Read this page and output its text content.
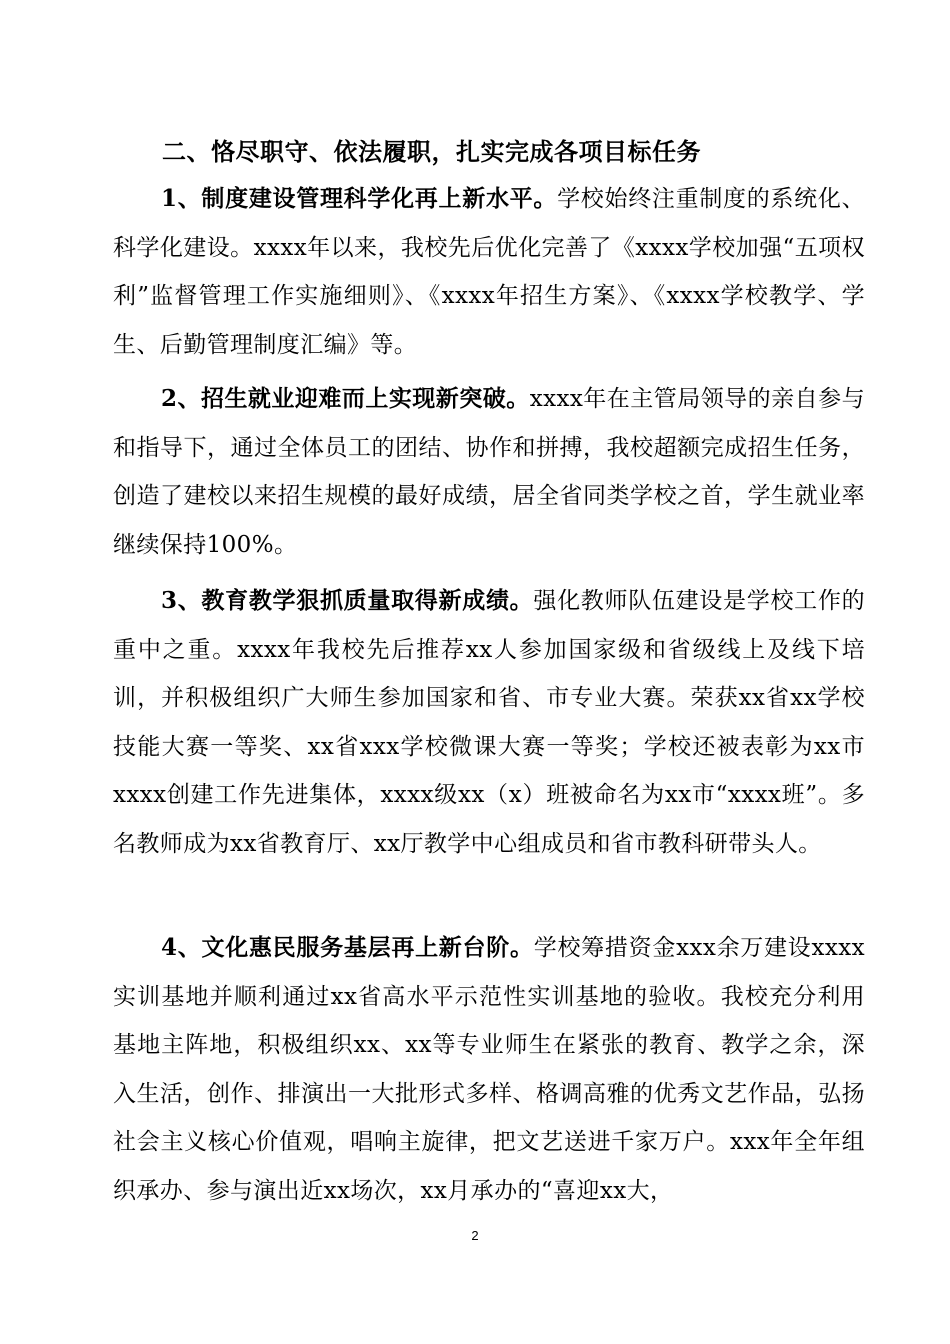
二、恪尽职守、依法履职，扎实完成各项目标任务

1、制度建设管理科学化再上新水平。学校始终注重制度的系统化、科学化建设。xxxx年以来，我校先后优化完善了《xxxx学校加强“五项权利”监督管理工作实施细则》、《xxxx年招生方案》、《xxxx学校教学、学生、后勤管理制度汇编》等。

2、招生就业迎难而上实现新突破。xxxx年在主管局领导的亲自参与和指导下，通过全体员工的团结、协作和拼搏，我校超额完成招生任务，创造了建校以来招生规模的最好成绩，居全省同类学校之首，学生就业率继续保持100%。

3、教育教学狠抓质量取得新成绩。强化教师队伍建设是学校工作的重中之重。xxxx年我校先后推荐xx人参加国家级和省级线上及线下培训，并积极组织广大师生参加国家和省、市专业大赛。荣获xx省xx学校技能大赛一等奖、xx省xxx学校微课大赛一等奖；学校还被表彰为xx市xxxx创建工作先进集体，xxxx级xx（x）班被命名为xx市“xxxx班”。多名教师成为xx省教育厅、xx厅教学中心组成员和省市教科研带头人。

4、文化惠民服务基层再上新台阶。学校筹措资金xxx余万建设xxxx实训基地并顺利通过xx省高水平示范性实训基地的验收。我校充分利用基地主阵地，积极组织xx、xx等专业师生在紧张的教育、教学之余，深入生活，创作、排演出一大批形式多样、格调高雅的优秀文艺作品，弘扬社会主义核心价值观，唱响主旋律，把文艺送进千家万户。xxx年全年组织承办、参与演出近xx场次，xx月承办的“喜迎xx大，

2
